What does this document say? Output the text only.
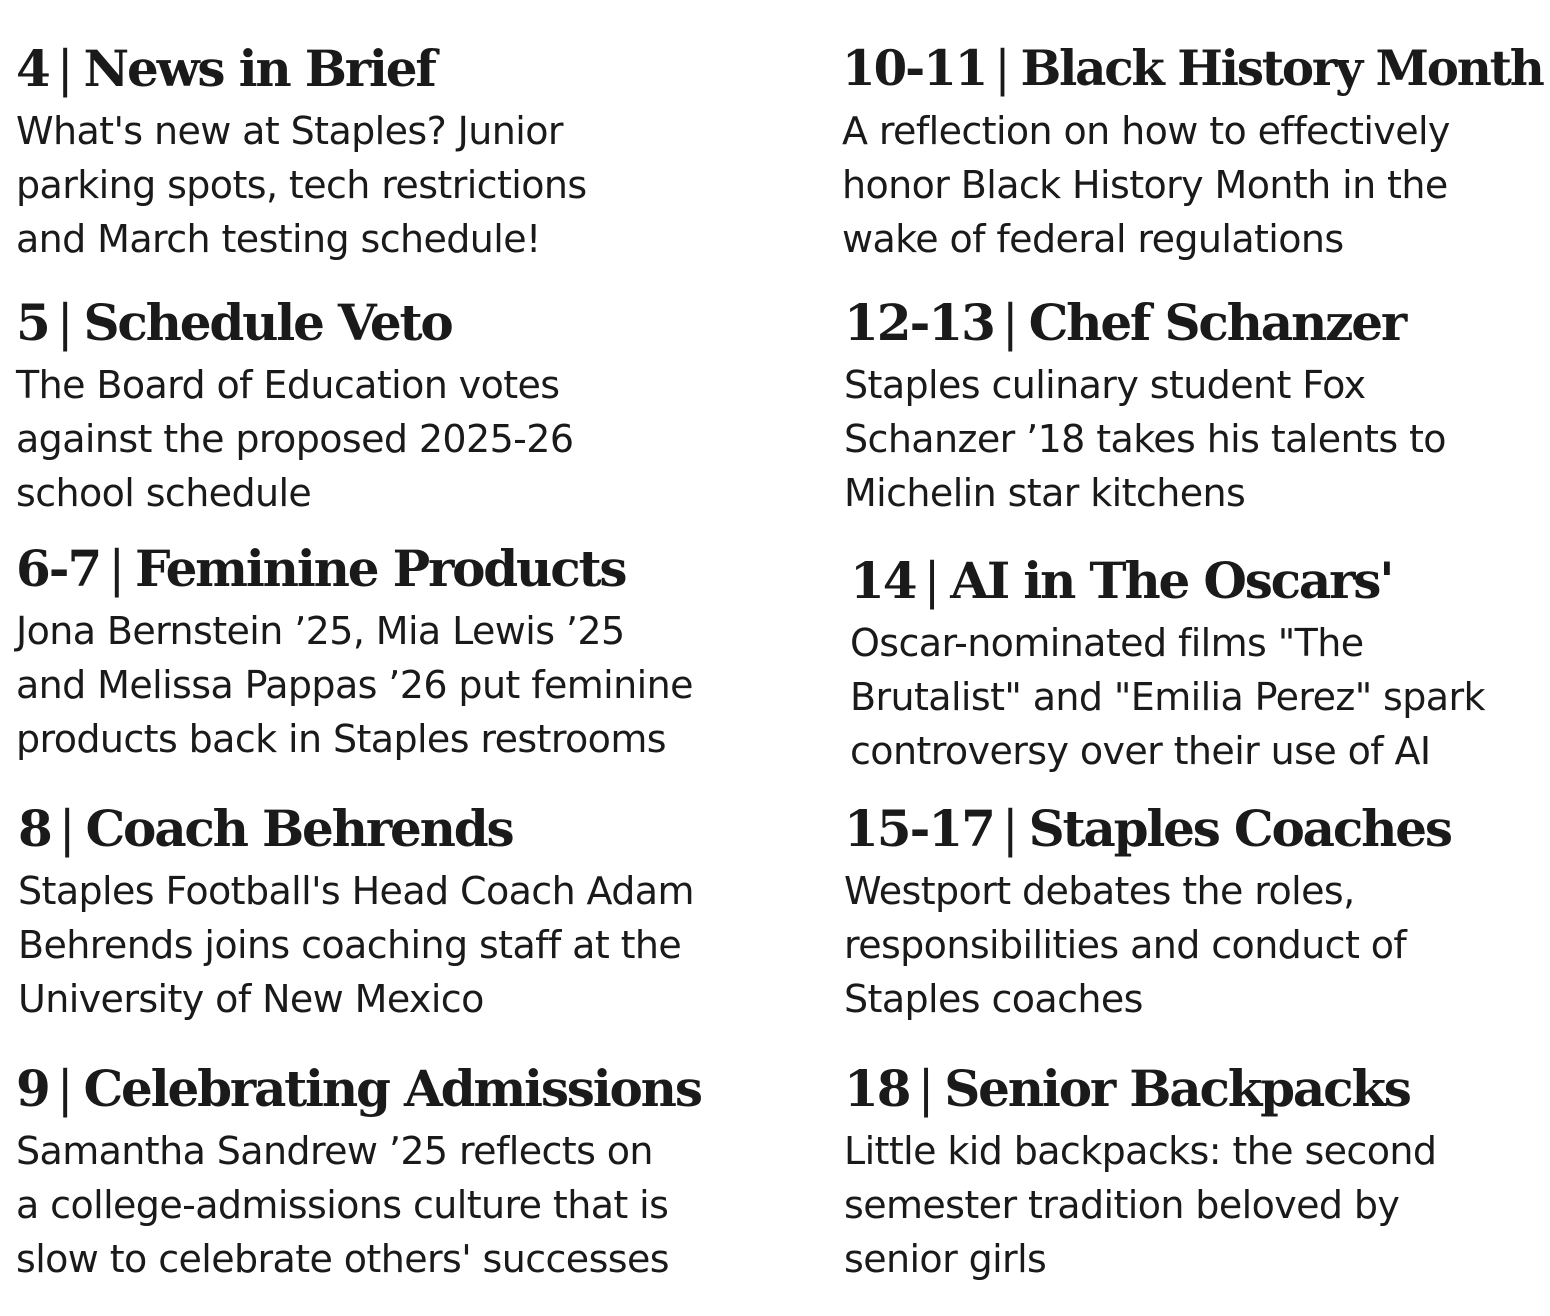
4 | News in Brief

What's new at Staples? Junior
parking spots, tech restrictions
and March testing schedule!

5 | Schedule Veto

The Board of Education votes
against the proposed 2025-26
school schedule

6-7 | Feminine Products

Jona Bernstein ’25, Mia Lewis ’25
and Melissa Pappas ’26 put feminine
products back in Staples restrooms

8 | Coach Behrends

Staples Football's Head Coach Adam
Behrends joins coaching staff at the
University of New Mexico

9 | Celebrating Admissions

Samantha Sandrew ’25 reflects on
a college-admissions culture that is
slow to celebrate others' successes

10-11 | Black History Month

A reflection on how to effectively
honor Black History Month in the
wake of federal regulations

12-13 | Chef Schanzer

Staples culinary student Fox
Schanzer ’18 takes his talents to
Michelin star kitchens

14 | AI in The Oscars'

Oscar-nominated films "The
Brutalist" and "Emilia Perez" spark
controversy over their use of AI

15-17 | Staples Coaches

Westport debates the roles,
responsibilities and conduct of
Staples coaches

18 | Senior Backpacks

Little kid backpacks: the second
semester tradition beloved by
senior girls
